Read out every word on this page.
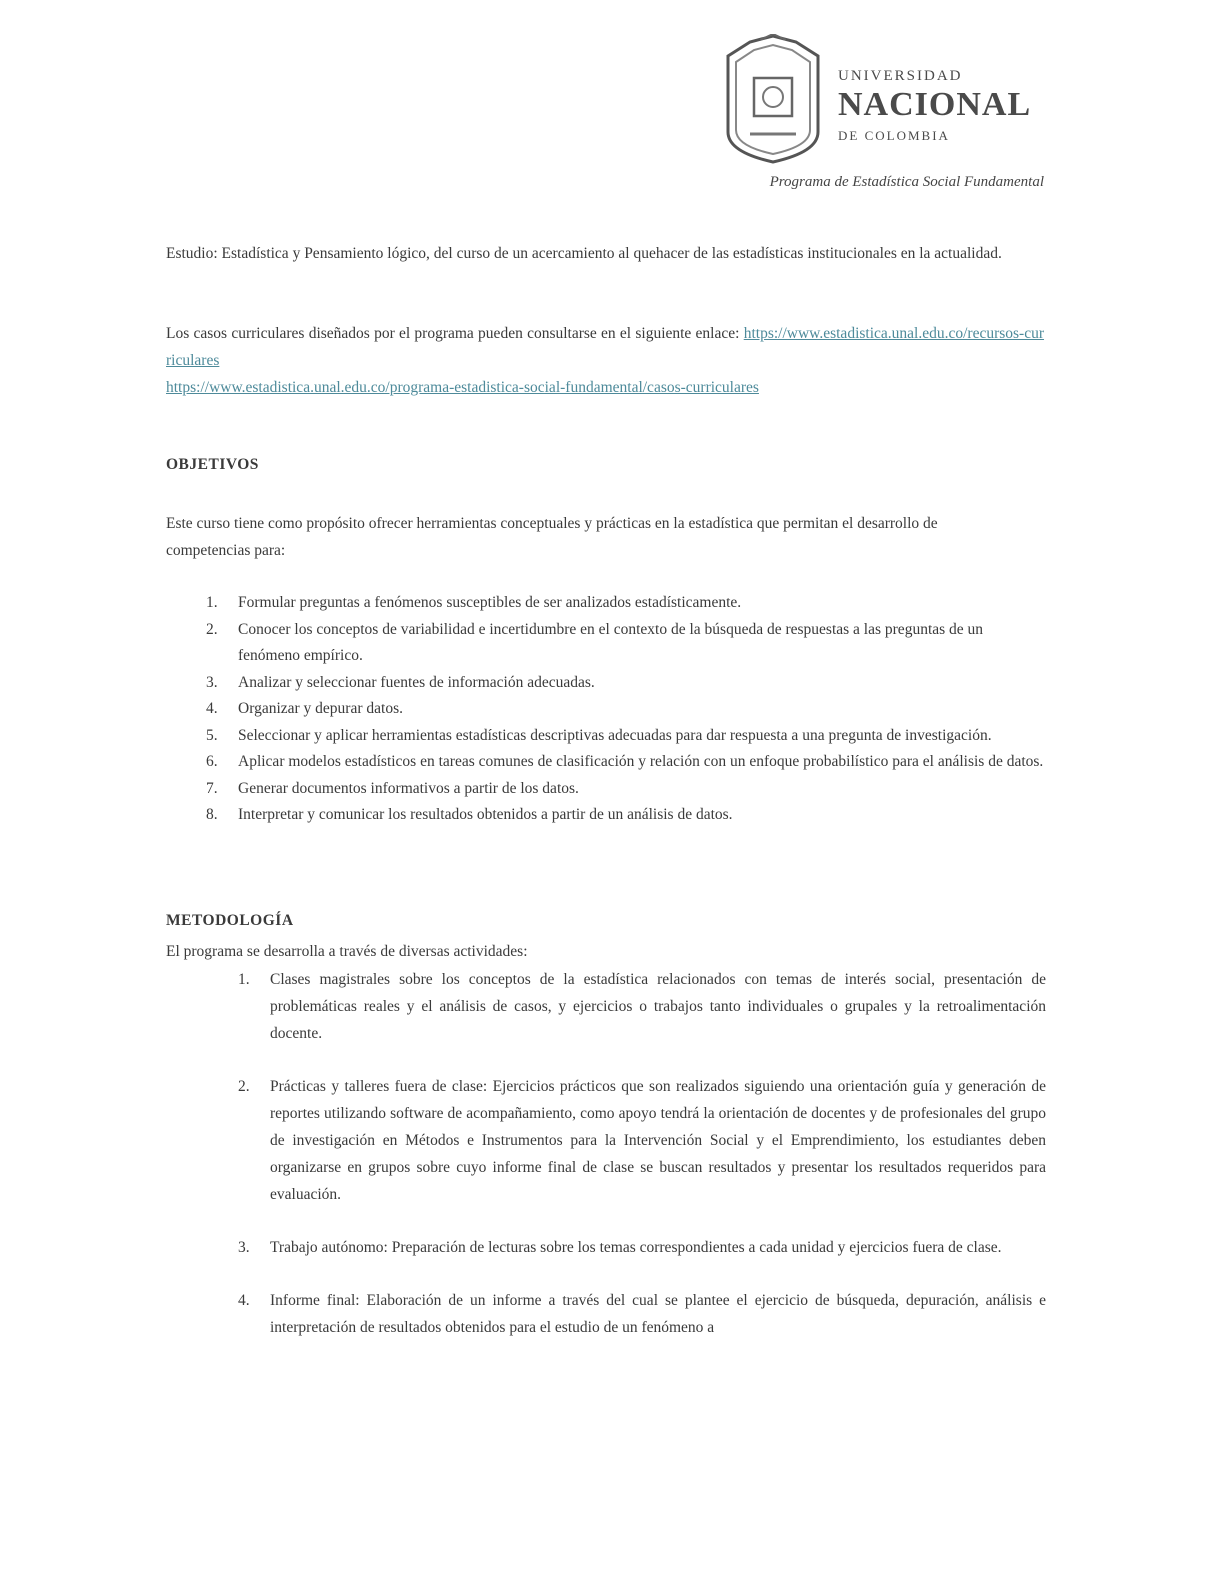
UNIVERSIDAD
NACIONAL
DE COLOMBIA
Programa de Estadística Social Fundamental
Estudio: Estadística y Pensamiento lógico, del curso de un acercamiento al quehacer de las estadísticas institucionales en la actualidad.
Los casos curriculares diseñados por el programa pueden consultarse en el siguiente enlace: https://www.estadistica.unal.edu.co/recursos-curriculares
https://www.estadistica.unal.edu.co/programa-estadistica-social-fundamental/casos-curriculares
OBJETIVOS
Este curso tiene como propósito ofrecer herramientas conceptuales y prácticas en la estadística que permitan el desarrollo de competencias para:
1. Formular preguntas a fenómenos susceptibles de ser analizados estadísticamente.
2. Conocer los conceptos de variabilidad e incertidumbre en el contexto de la búsqueda de respuestas a las preguntas de un fenómeno empírico.
3. Analizar y seleccionar fuentes de información adecuadas.
4. Organizar y depurar datos.
5. Seleccionar y aplicar herramientas estadísticas descriptivas adecuadas para dar respuesta a una pregunta de investigación.
6. Aplicar modelos estadísticos en tareas comunes de clasificación y relación con un enfoque probabilístico para el análisis de datos.
7. Generar documentos informativos a partir de los datos.
8. Interpretar y comunicar los resultados obtenidos a partir de un análisis de datos.
METODOLOGÍA
El programa se desarrolla a través de diversas actividades:
1. Clases magistrales sobre los conceptos de la estadística relacionados con temas de interés social, presentación de problemáticas reales y el análisis de casos, y ejercicios o trabajos tanto individuales o grupales y la retroalimentación docente.
2. Prácticas y talleres fuera de clase: Ejercicios prácticos que son realizados siguiendo una orientación guía y generación de reportes utilizando software de acompañamiento, como apoyo tendrá la orientación de docentes y de profesionales del grupo de investigación en Métodos e Instrumentos para la Intervención Social y el Emprendimiento, los estudiantes deben organizarse en grupos sobre cuyo informe final de clase se buscan resultados y presentar los resultados requeridos para evaluación.
3. Trabajo autónomo: Preparación de lecturas sobre los temas correspondientes a cada unidad y ejercicios fuera de clase.
4. Informe final: Elaboración de un informe a través del cual se plantee el ejercicio de búsqueda, depuración, análisis e interpretación de resultados obtenidos para el estudio de un fenómeno a
